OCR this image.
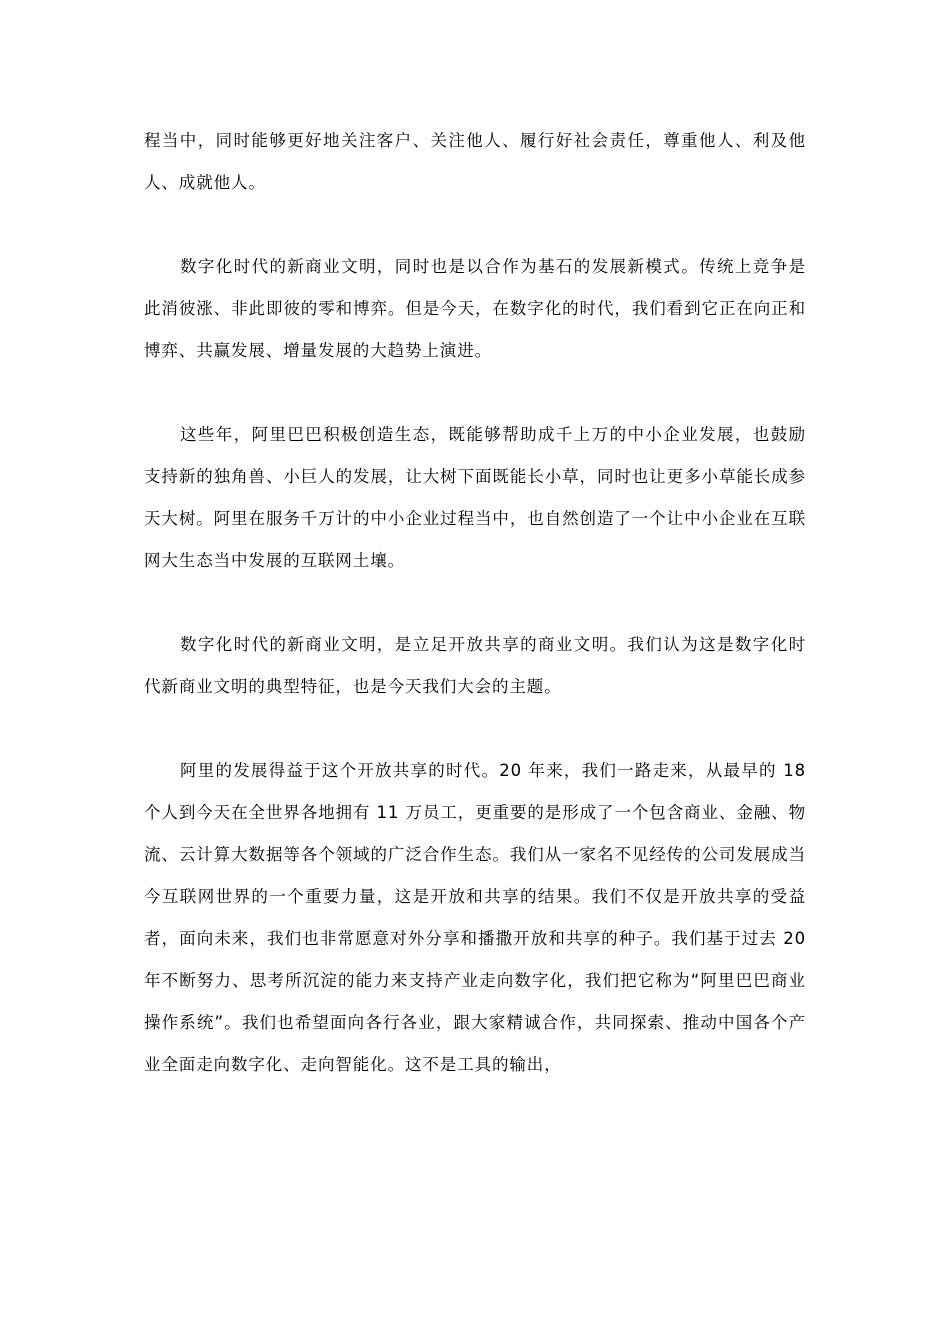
程当中，同时能够更好地关注客户、关注他人、履行好社会责任，尊重他人、利及他人、成就他人。

数字化时代的新商业文明，同时也是以合作为基石的发展新模式。传统上竞争是此消彼涨、非此即彼的零和博弈。但是今天，在数字化的时代，我们看到它正在向正和博弈、共赢发展、增量发展的大趋势上演进。

这些年，阿里巴巴积极创造生态，既能够帮助成千上万的中小企业发展，也鼓励支持新的独角兽、小巨人的发展，让大树下面既能长小草，同时也让更多小草能长成参天大树。阿里在服务千万计的中小企业过程当中，也自然创造了一个让中小企业在互联网大生态当中发展的互联网土壤。

数字化时代的新商业文明，是立足开放共享的商业文明。我们认为这是数字化时代新商业文明的典型特征，也是今天我们大会的主题。

阿里的发展得益于这个开放共享的时代。20 年来，我们一路走来，从最早的 18 个人到今天在全世界各地拥有 11 万员工，更重要的是形成了一个包含商业、金融、物流、云计算大数据等各个领域的广泛合作生态。我们从一家名不见经传的公司发展成当今互联网世界的一个重要力量，这是开放和共享的结果。我们不仅是开放共享的受益者，面向未来，我们也非常愿意对外分享和播撒开放和共享的种子。我们基于过去 20 年不断努力、思考所沉淀的能力来支持产业走向数字化，我们把它称为“阿里巴巴商业操作系统”。我们也希望面向各行各业，跟大家精诚合作，共同探索、推动中国各个产业全面走向数字化、走向智能化。这不是工具的输出，
